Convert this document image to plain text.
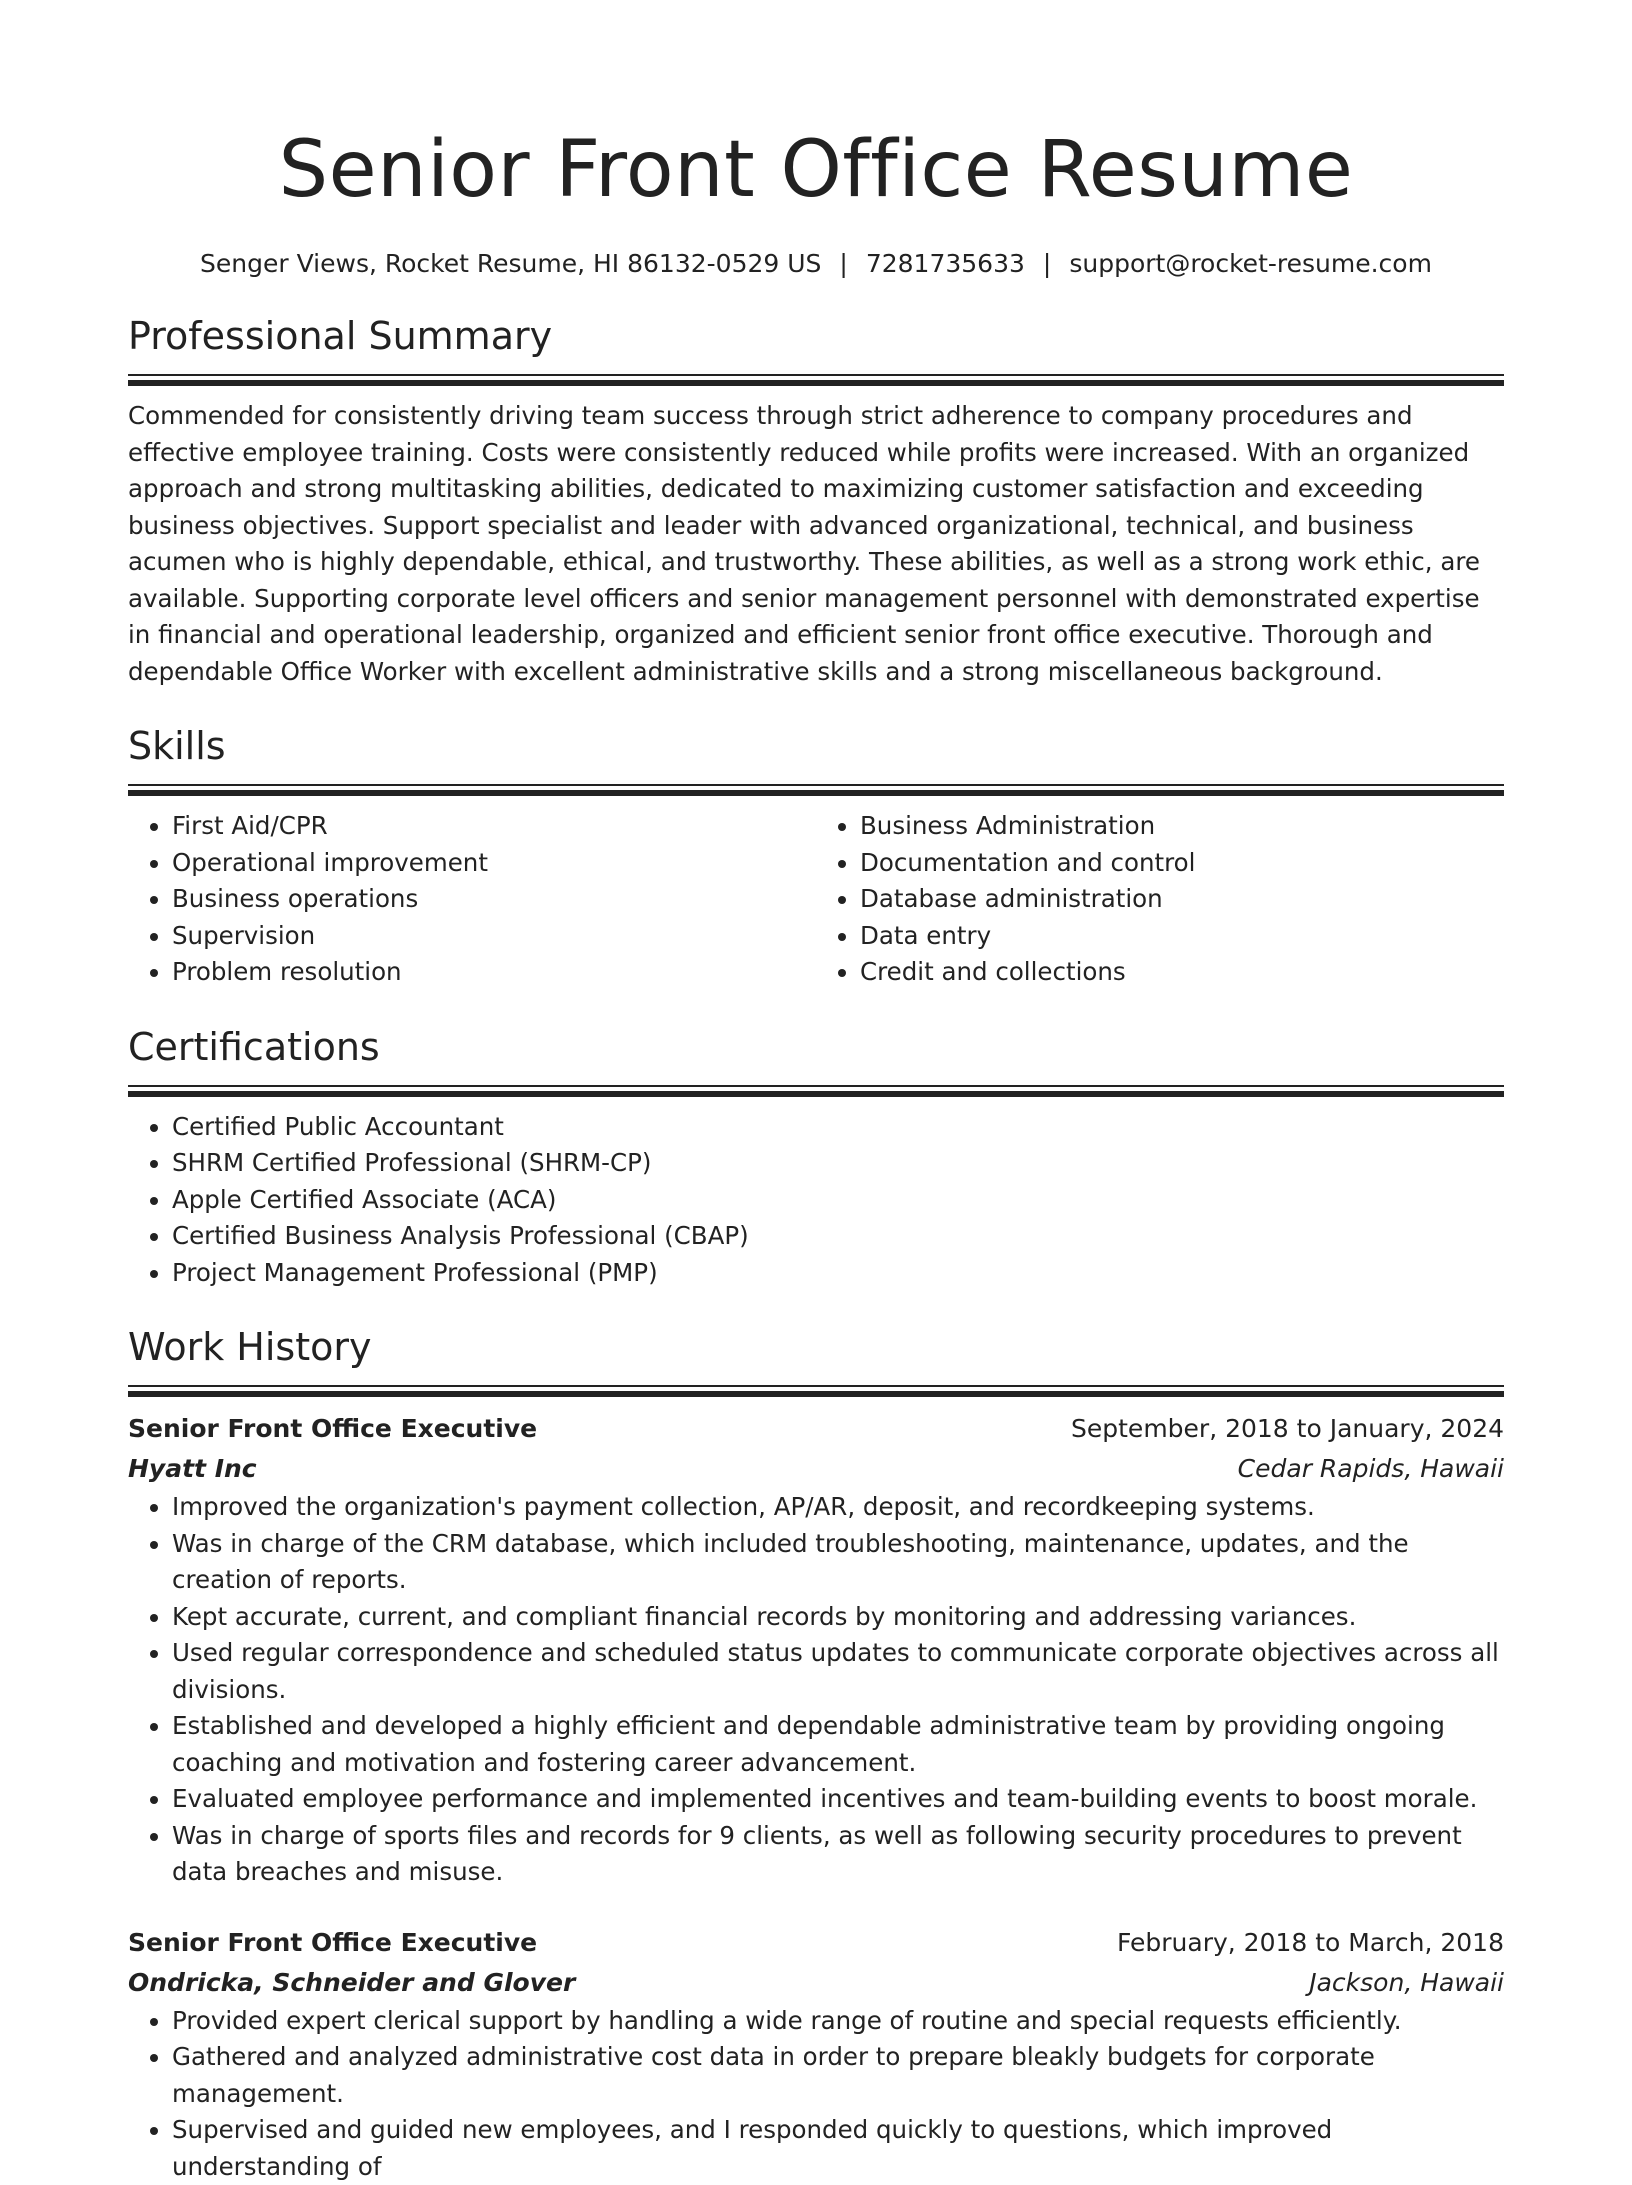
Senior Front Office Resume
Senger Views, Rocket Resume, HI 86132-0529 US | 7281735633 | support@rocket-resume.com
Professional Summary

Commended for consistently driving team success through strict adherence to company procedures and effective employee training. Costs were consistently reduced while profits were increased. With an organized approach and strong multitasking abilities, dedicated to maximizing customer satisfaction and exceeding business objectives. Support specialist and leader with advanced organizational, technical, and business acumen who is highly dependable, ethical, and trustworthy. These abilities, as well as a strong work ethic, are available. Supporting corporate level officers and senior management personnel with demonstrated expertise in financial and operational leadership, organized and efficient senior front office executive. Thorough and dependable Office Worker with excellent administrative skills and a strong miscellaneous background.

Skills
• First Aid/CPR
• Operational improvement
• Business operations
• Supervision
• Problem resolution
• Business Administration
• Documentation and control
• Database administration
• Data entry
• Credit and collections
Certifications
• Certified Public Accountant
• SHRM Certified Professional (SHRM-CP)
• Apple Certified Associate (ACA)
• Certified Business Analysis Professional (CBAP)
• Project Management Professional (PMP)
Work History
Senior Front Office Executive	September, 2018 to January, 2024
Hyatt Inc	Cedar Rapids, Hawaii
• Improved the organization's payment collection, AP/AR, deposit, and recordkeeping systems.
• Was in charge of the CRM database, which included troubleshooting, maintenance, updates, and the creation of reports.
• Kept accurate, current, and compliant financial records by monitoring and addressing variances.
• Used regular correspondence and scheduled status updates to communicate corporate objectives across all divisions.
• Established and developed a highly efficient and dependable administrative team by providing ongoing coaching and motivation and fostering career advancement.
• Evaluated employee performance and implemented incentives and team-building events to boost morale.
• Was in charge of sports files and records for 9 clients, as well as following security procedures to prevent data breaches and misuse.
Senior Front Office Executive	February, 2018 to March, 2018
Ondricka, Schneider and Glover	Jackson, Hawaii
• Provided expert clerical support by handling a wide range of routine and special requests efficiently.
• Gathered and analyzed administrative cost data in order to prepare bleakly budgets for corporate management.
• Supervised and guided new employees, and I responded quickly to questions, which improved understanding of
